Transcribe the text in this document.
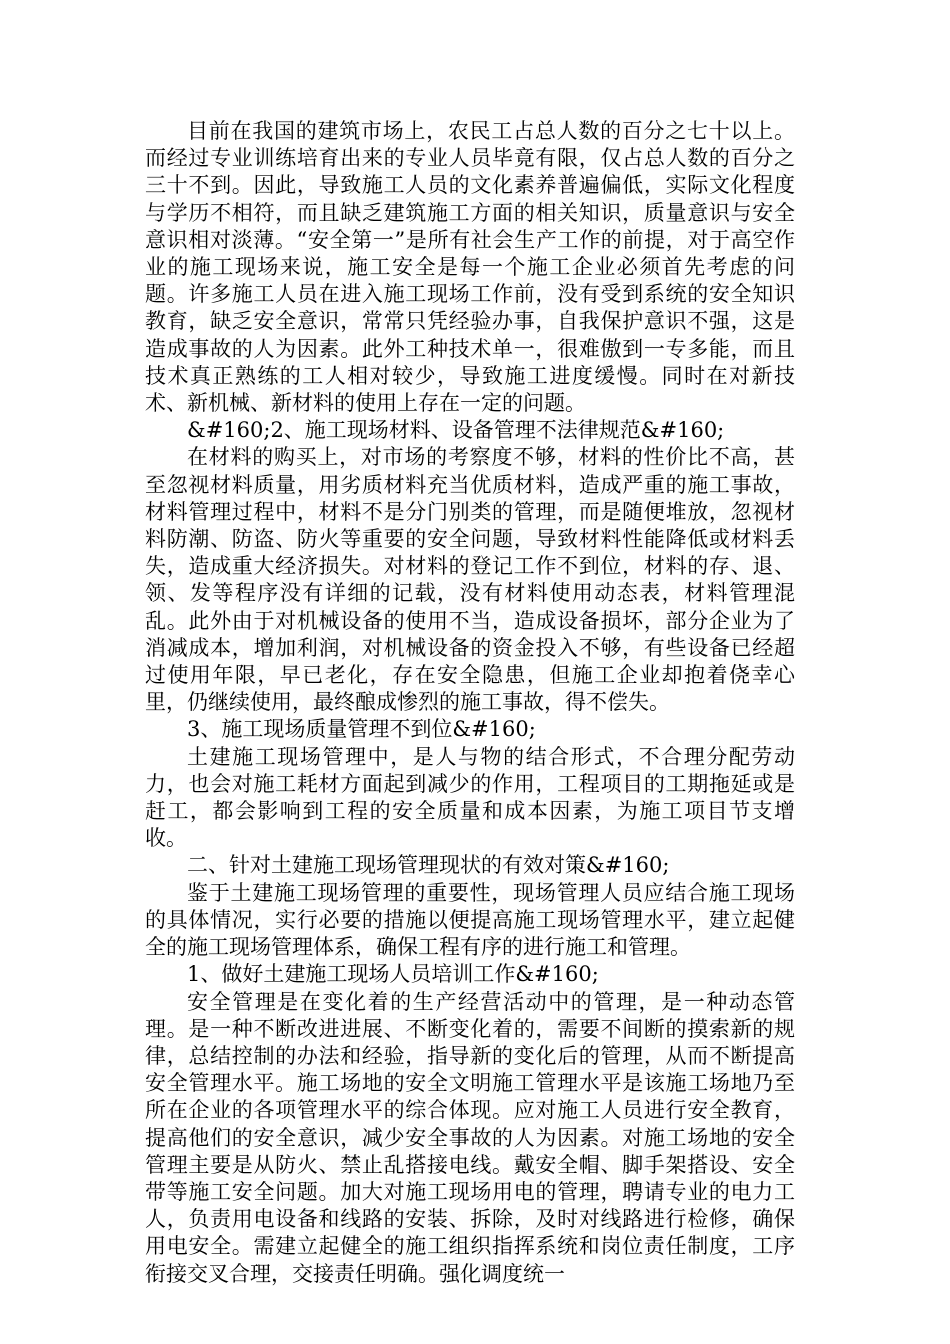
目前在我国的建筑市场上，农民工占总人数的百分之七十以上。而经过专业训练培育出来的专业人员毕竟有限，仅占总人数的百分之三十不到。因此，导致施工人员的文化素养普遍偏低，实际文化程度与学历不相符，而且缺乏建筑施工方面的相关知识，质量意识与安全意识相对淡薄。“安全第一”是所有社会生产工作的前提，对于高空作业的施工现场来说，施工安全是每一个施工企业必须首先考虑的问题。许多施工人员在进入施工现场工作前，没有受到系统的安全知识教育，缺乏安全意识，常常只凭经验办事，自我保护意识不强，这是造成事故的人为因素。此外工种技术单一，很难傲到一专多能，而且技术真正熟练的工人相对较少，导致施工进度缓慢。同时在对新技术、新机械、新材料的使用上存在一定的问题。

&#160;2、施工现场材料、设备管理不法律规范&#160;

在材料的购买上，对市场的考察度不够，材料的性价比不高，甚至忽视材料质量，用劣质材料充当优质材料，造成严重的施工事故，材料管理过程中，材料不是分门别类的管理，而是随便堆放，忽视材料防潮、防盗、防火等重要的安全问题，导致材料性能降低或材料丢失，造成重大经济损失。对材料的登记工作不到位，材料的存、退、领、发等程序没有详细的记载，没有材料使用动态表，材料管理混乱。此外由于对机械设备的使用不当，造成设备损坏，部分企业为了消减成本，增加利润，对机械设备的资金投入不够，有些设备已经超过使用年限，早已老化，存在安全隐患，但施工企业却抱着侥幸心里，仍继续使用，最终酿成惨烈的施工事故，得不偿失。

3、施工现场质量管理不到位&#160;

土建施工现场管理中，是人与物的结合形式，不合理分配劳动力，也会对施工耗材方面起到减少的作用，工程项目的工期拖延或是赶工，都会影响到工程的安全质量和成本因素，为施工项目节支增收。

二、针对土建施工现场管理现状的有效对策&#160;

鉴于土建施工现场管理的重要性，现场管理人员应结合施工现场的具体情况，实行必要的措施以便提高施工现场管理水平，建立起健全的施工现场管理体系，确保工程有序的进行施工和管理。

1、做好土建施工现场人员培训工作&#160;

安全管理是在变化着的生产经营活动中的管理，是一种动态管理。是一种不断改进进展、不断变化着的，需要不间断的摸索新的规律，总结控制的办法和经验，指导新的变化后的管理，从而不断提高安全管理水平。施工场地的安全文明施工管理水平是该施工场地乃至所在企业的各项管理水平的综合体现。应对施工人员进行安全教育，提高他们的安全意识，减少安全事故的人为因素。对施工场地的安全管理主要是从防火、禁止乱搭接电线。戴安全帽、脚手架搭设、安全带等施工安全问题。加大对施工现场用电的管理，聘请专业的电力工人，负责用电设备和线路的安装、拆除，及时对线路进行检修，确保用电安全。需建立起健全的施工组织指挥系统和岗位责任制度，工序衔接交叉合理，交接责任明确。强化调度统一
